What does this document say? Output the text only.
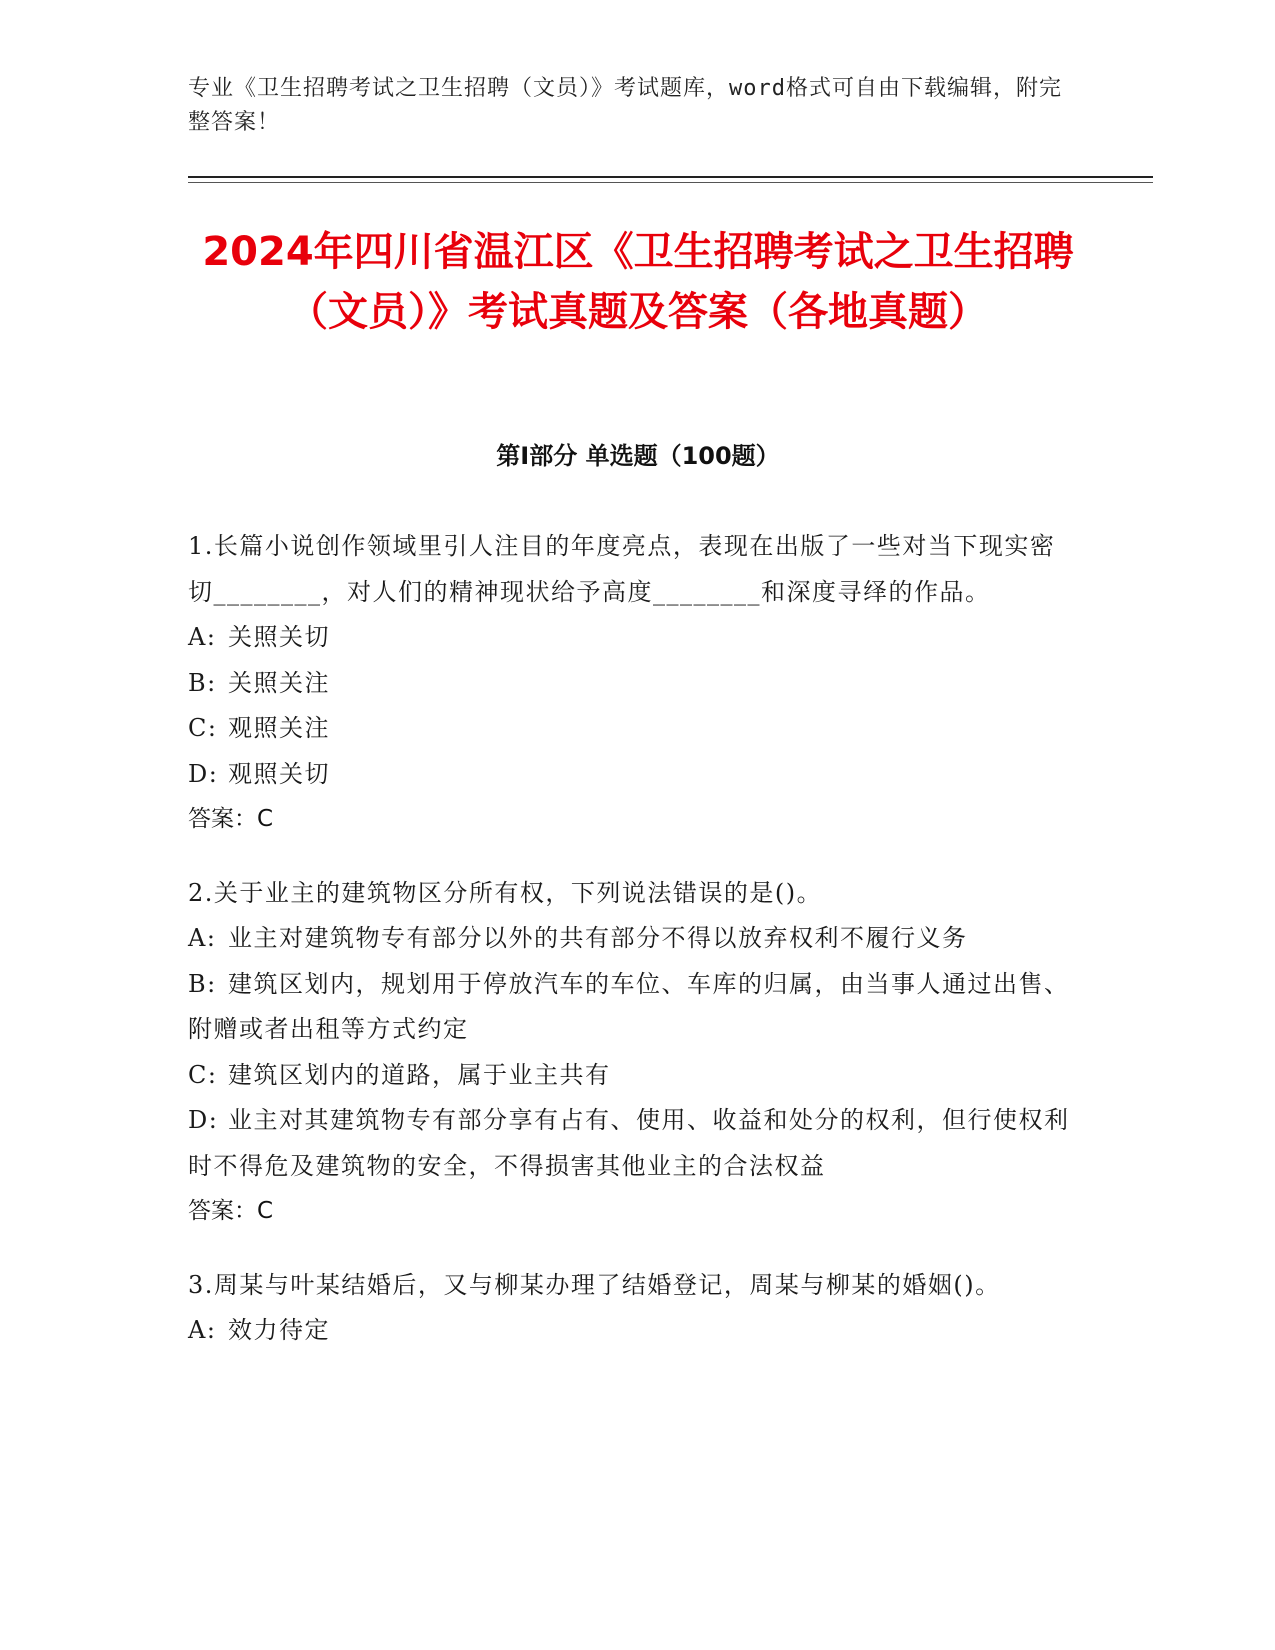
专业《卫生招聘考试之卫生招聘（文员）》考试题库，word格式可自由下载编辑，附完整答案！
2024年四川省温江区《卫生招聘考试之卫生招聘（文员）》考试真题及答案（各地真题）
第I部分 单选题（100题）
1.长篇小说创作领域里引人注目的年度亮点，表现在出版了一些对当下现实密切________，对人们的精神现状给予高度________和深度寻绎的作品。
A: 关照关切
B: 关照关注
C: 观照关注
D: 观照关切
答案：C
2.关于业主的建筑物区分所有权，下列说法错误的是()。
A: 业主对建筑物专有部分以外的共有部分不得以放弃权利不履行义务
B: 建筑区划内，规划用于停放汽车的车位、车库的归属，由当事人通过出售、附赠或者出租等方式约定
C: 建筑区划内的道路，属于业主共有
D: 业主对其建筑物专有部分享有占有、使用、收益和处分的权利，但行使权利时不得危及建筑物的安全，不得损害其他业主的合法权益
答案：C
3.周某与叶某结婚后，又与柳某办理了结婚登记，周某与柳某的婚姻()。
A: 效力待定
